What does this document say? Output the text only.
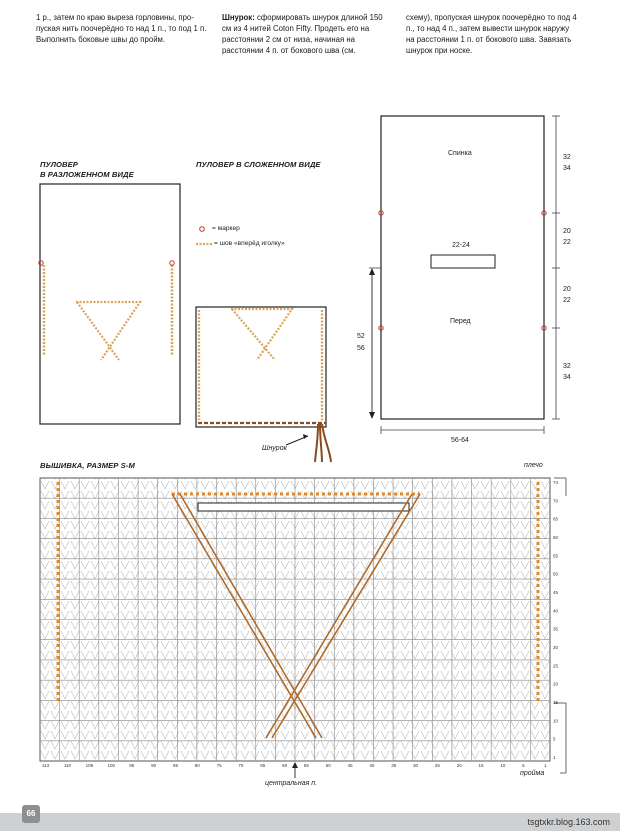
1 р., затем по краю выреза горловины, про-пуская нить поочерёдно то над 1 п., то под 1 п.
Выполнить боковые швы до пройм.
Шнурок: сформировать шнурок длиной 150 см из 4 нитей Coton Fifty. Продеть его на расстоянии 2 см от низа, начиная на расстоянии 4 п. от бокового шва (см.
схему), пропуская шнурок поочерёдно то под 4 п., то над 4 п., затем вывести шнурок наружу на расстоянии 1 п. от бокового шва. Завязать шнурок при носке.
ПУЛОВЕР
В РАЗЛОЖЕННОМ ВИДЕ
ПУЛОВЕР В СЛОЖЕННОМ ВИДЕ
ВЫШИВКА, РАЗМЕР S-M
113	110	105	100	95	90	85	80	75	70	65	60	55	50	45	40	35	30	25	20	15	10	5	1
74
70
65
60
55
50
45
40
35
30
25
20
15
10
5
1
= маркер
= шов «вперёд иголку»
Шнурок
Спинка
Перед
22-24
56-64
52
56
32
34
20
22
20
22
32
34
плечо
пройма
центральная п.
66
tsgtxkr.blog.163.com
